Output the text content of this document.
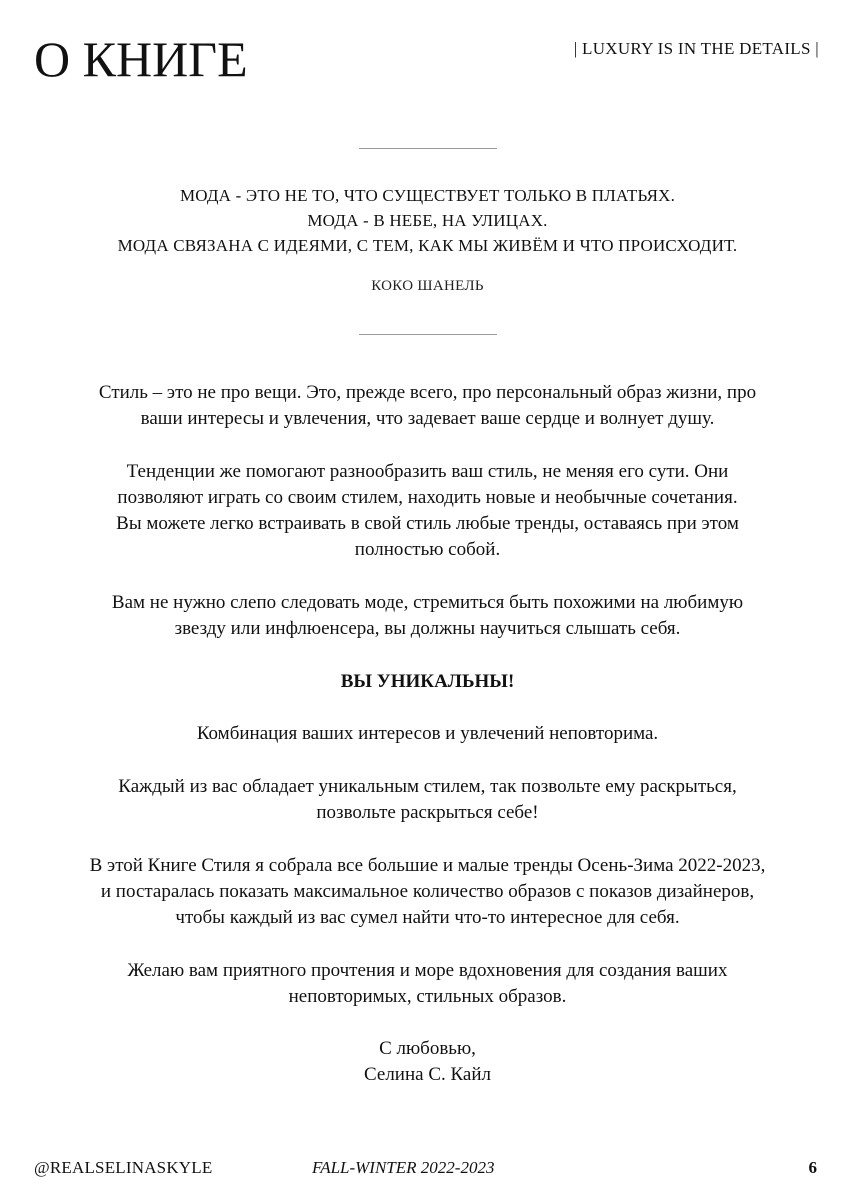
О КНИГЕ	| LUXURY IS IN THE DETAILS |
МОДА - ЭТО НЕ ТО, ЧТО СУЩЕСТВУЕТ ТОЛЬКО В ПЛАТЬЯХ.
МОДА - В НЕБЕ, НА УЛИЦАХ.
МОДА СВЯЗАНА С ИДЕЯМИ, С ТЕМ, КАК МЫ ЖИВЁМ И ЧТО ПРОИСХОДИТ.
КОКО ШАНЕЛЬ

Стиль – это не про вещи. Это, прежде всего, про персональный образ жизни, про
ваши интересы и увлечения, что задевает ваше сердце и волнует душу.

Тенденции же помогают разнообразить ваш стиль, не меняя его сути. Они
позволяют играть со своим стилем, находить новые и необычные сочетания.
Вы можете легко встраивать в свой стиль любые тренды, оставаясь при этом
полностью собой.

Вам не нужно слепо следовать моде, стремиться быть похожими на любимую
звезду или инфлюенсера, вы должны научиться слышать себя.

ВЫ УНИКАЛЬНЫ!

Комбинация ваших интересов и увлечений неповторима.

Каждый из вас обладает уникальным стилем, так позвольте ему раскрыться,
позвольте раскрыться себе!

В этой Книге Стиля я собрала все большие и малые тренды Осень-Зима 2022-2023,
и постаралась показать максимальное количество образов с показов дизайнеров,
чтобы каждый из вас сумел найти что-то интересное для себя.

Желаю вам приятного прочтения и море вдохновения для создания ваших
неповторимых, стильных образов.

С любовью,
Селина С. Кайл

@REALSELINASKYLE	FALL-WINTER 2022-2023	6
